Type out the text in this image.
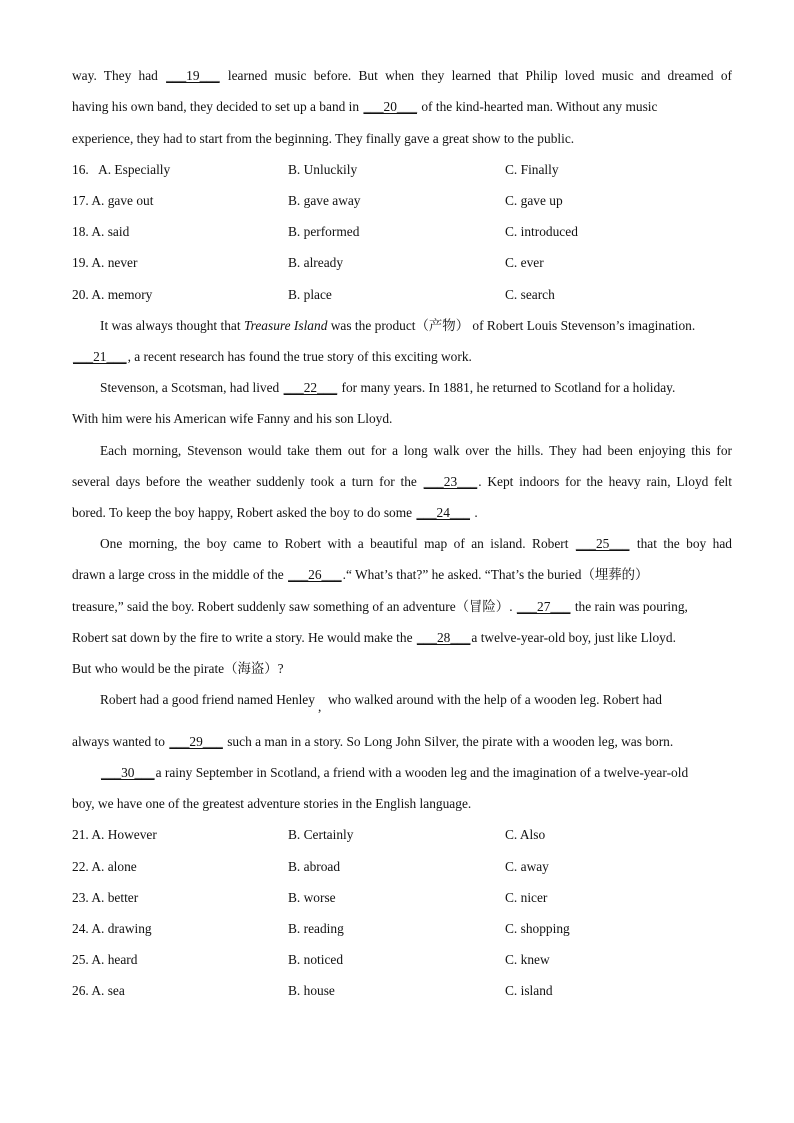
way. They had ___19___ learned music before. But when they learned that Philip loved music and dreamed of
having his own band, they decided to set up a band in ___20___ of the kind-hearted man. Without any music
experience, they had to start from the beginning. They finally gave a great show to the public.
16. A. Especially	B. Unluckily	C. Finally
17. A. gave out	B. gave away	C. gave up
18. A. said	B. performed	C. introduced
19. A. never	B. already	C. ever
20. A. memory	B. place	C. search
It was always thought that Treasure Island was the product（产物） of Robert Louis Stevenson’s imagination.
___21___, a recent research has found the true story of this exciting work.
Stevenson, a Scotsman, had lived ___22___ for many years. In 1881, he returned to Scotland for a holiday.
With him were his American wife Fanny and his son Lloyd.
Each morning, Stevenson would take them out for a long walk over the hills. They had been enjoying this for
several days before the weather suddenly took a turn for the ___23___. Kept indoors for the heavy rain, Lloyd felt
bored. To keep the boy happy, Robert asked the boy to do some ___24___ .
One morning, the boy came to Robert with a beautiful map of an island. Robert ___25___ that the boy had
drawn a large cross in the middle of the ___26___.“ What’s that?” he asked. “That’s the buried（埋葬的）
treasure,” said the boy. Robert suddenly saw something of an adventure（冒险）. ___27___ the rain was pouring,
Robert sat down by the fire to write a story. He would make the ___28___a twelve-year-old boy, just like Lloyd.
But who would be the pirate（海盗）?
Robert had a good friend named Henley , who walked around with the help of a wooden leg. Robert had
always wanted to ___29___ such a man in a story. So Long John Silver, the pirate with a wooden leg, was born.
___30___a rainy September in Scotland, a friend with a wooden leg and the imagination of a twelve-year-old
boy, we have one of the greatest adventure stories in the English language.
21. A. However	B. Certainly	C. Also
22. A. alone	B. abroad	C. away
23. A. better	B. worse	C. nicer
24. A. drawing	B. reading	C. shopping
25. A. heard	B. noticed	C. knew
26. A. sea	B. house	C. island
